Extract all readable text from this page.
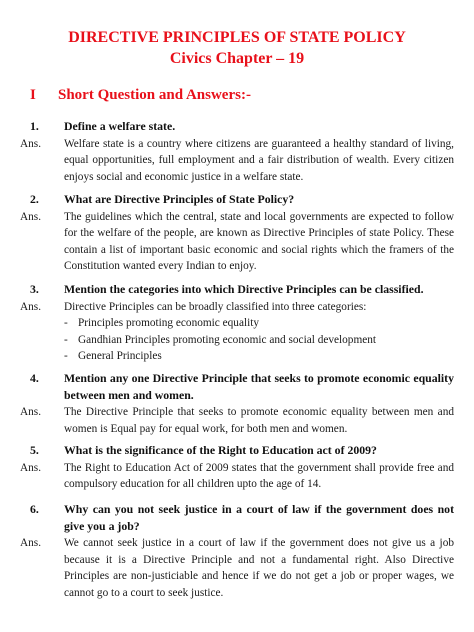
DIRECTIVE PRINCIPLES OF STATE POLICY
Civics Chapter – 19
I Short Question and Answers:-
1.	Define a welfare state.
Ans.	Welfare state is a country where citizens are guaranteed a healthy standard of living, equal opportunities, full employment and a fair distribution of wealth. Every citizen enjoys social and economic justice in a welfare state.
2.	What are Directive Principles of State Policy?
Ans.	The guidelines which the central, state and local governments are expected to follow for the welfare of the people, are known as Directive Principles of state Policy. These contain a list of important basic economic and social rights which the framers of the Constitution wanted every Indian to enjoy.
3.	Mention the categories into which Directive Principles can be classified.
Ans.	Directive Principles can be broadly classified into three categories:
- Principles promoting economic equality
- Gandhian Principles promoting economic and social development
- General Principles
4.	Mention any one Directive Principle that seeks to promote economic equality between men and women.
Ans.	The Directive Principle that seeks to promote economic equality between men and women is Equal pay for equal work, for both men and women.
5.	What is the significance of the Right to Education act of 2009?
Ans.	The Right to Education Act of 2009 states that the government shall provide free and compulsory education for all children upto the age of 14.
6.	Why can you not seek justice in a court of law if the government does not give you a job?
Ans.	We cannot seek justice in a court of law if the government does not give us a job because it is a Directive Principle and not a fundamental right. Also Directive Principles are non-justiciable and hence if we do not get a job or proper wages, we cannot go to a court to seek justice.
